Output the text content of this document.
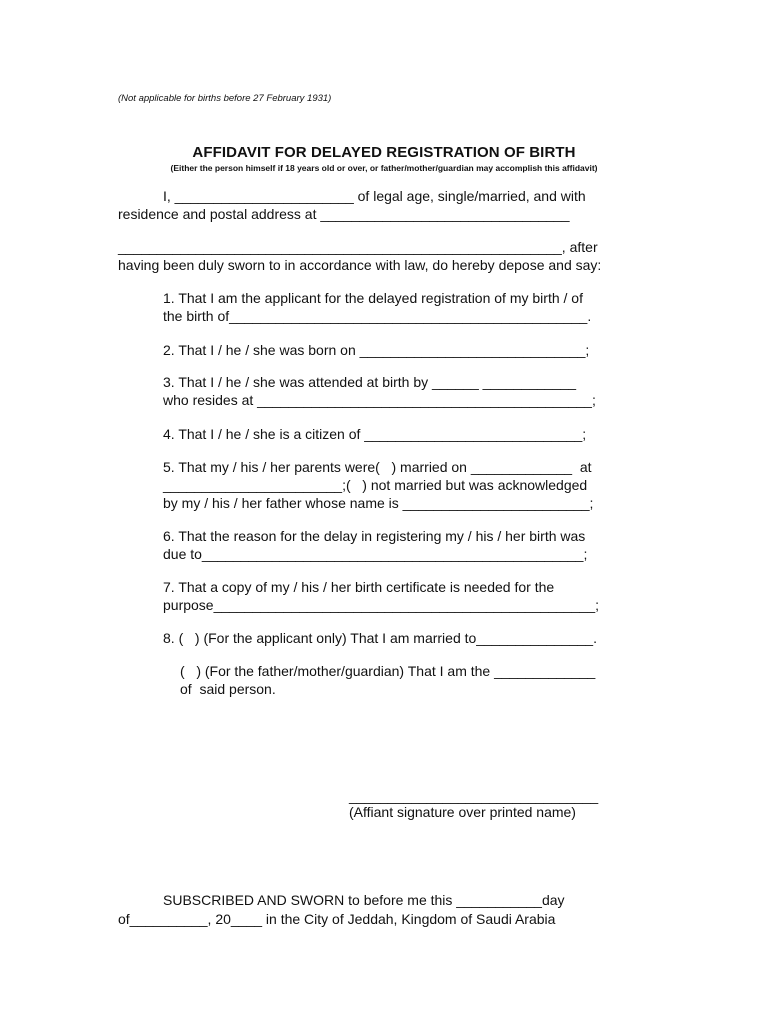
(Not applicable for births before 27 February 1931)
AFFIDAVIT FOR DELAYED REGISTRATION OF BIRTH
(Either the person himself if 18 years old or over, or father/mother/guardian may accomplish this affidavit)
I, _______________________ of legal age, single/married, and with
residence and postal address at ________________________________
_________________________________________________________, after
having been duly sworn to in accordance with law, do hereby depose and say:
1. That I am the applicant for the delayed registration of my birth / of
the birth of______________________________________________.
2. That I / he / she was born on _____________________________;
3. That I / he / she was attended at birth by ______ ____________
who resides at ___________________________________________;
4. That I / he / she is a citizen of ____________________________;
5. That my / his / her parents were(   ) married on _____________  at
_______________________;(   ) not married but was acknowledged
by my / his / her father whose name is ________________________;
6. That the reason for the delay in registering my / his / her birth was
due to_________________________________________________;
7. That a copy of my / his / her birth certificate is needed for the
purpose_________________________________________________;
8. (   ) (For the applicant only) That I am married to_______________.
(   ) (For the father/mother/guardian) That I am the _____________
of  said person.
________________________________
(Affiant signature over printed name)
SUBSCRIBED AND SWORN to before me this ___________day
of__________, 20____ in the City of Jeddah, Kingdom of Saudi Arabia
